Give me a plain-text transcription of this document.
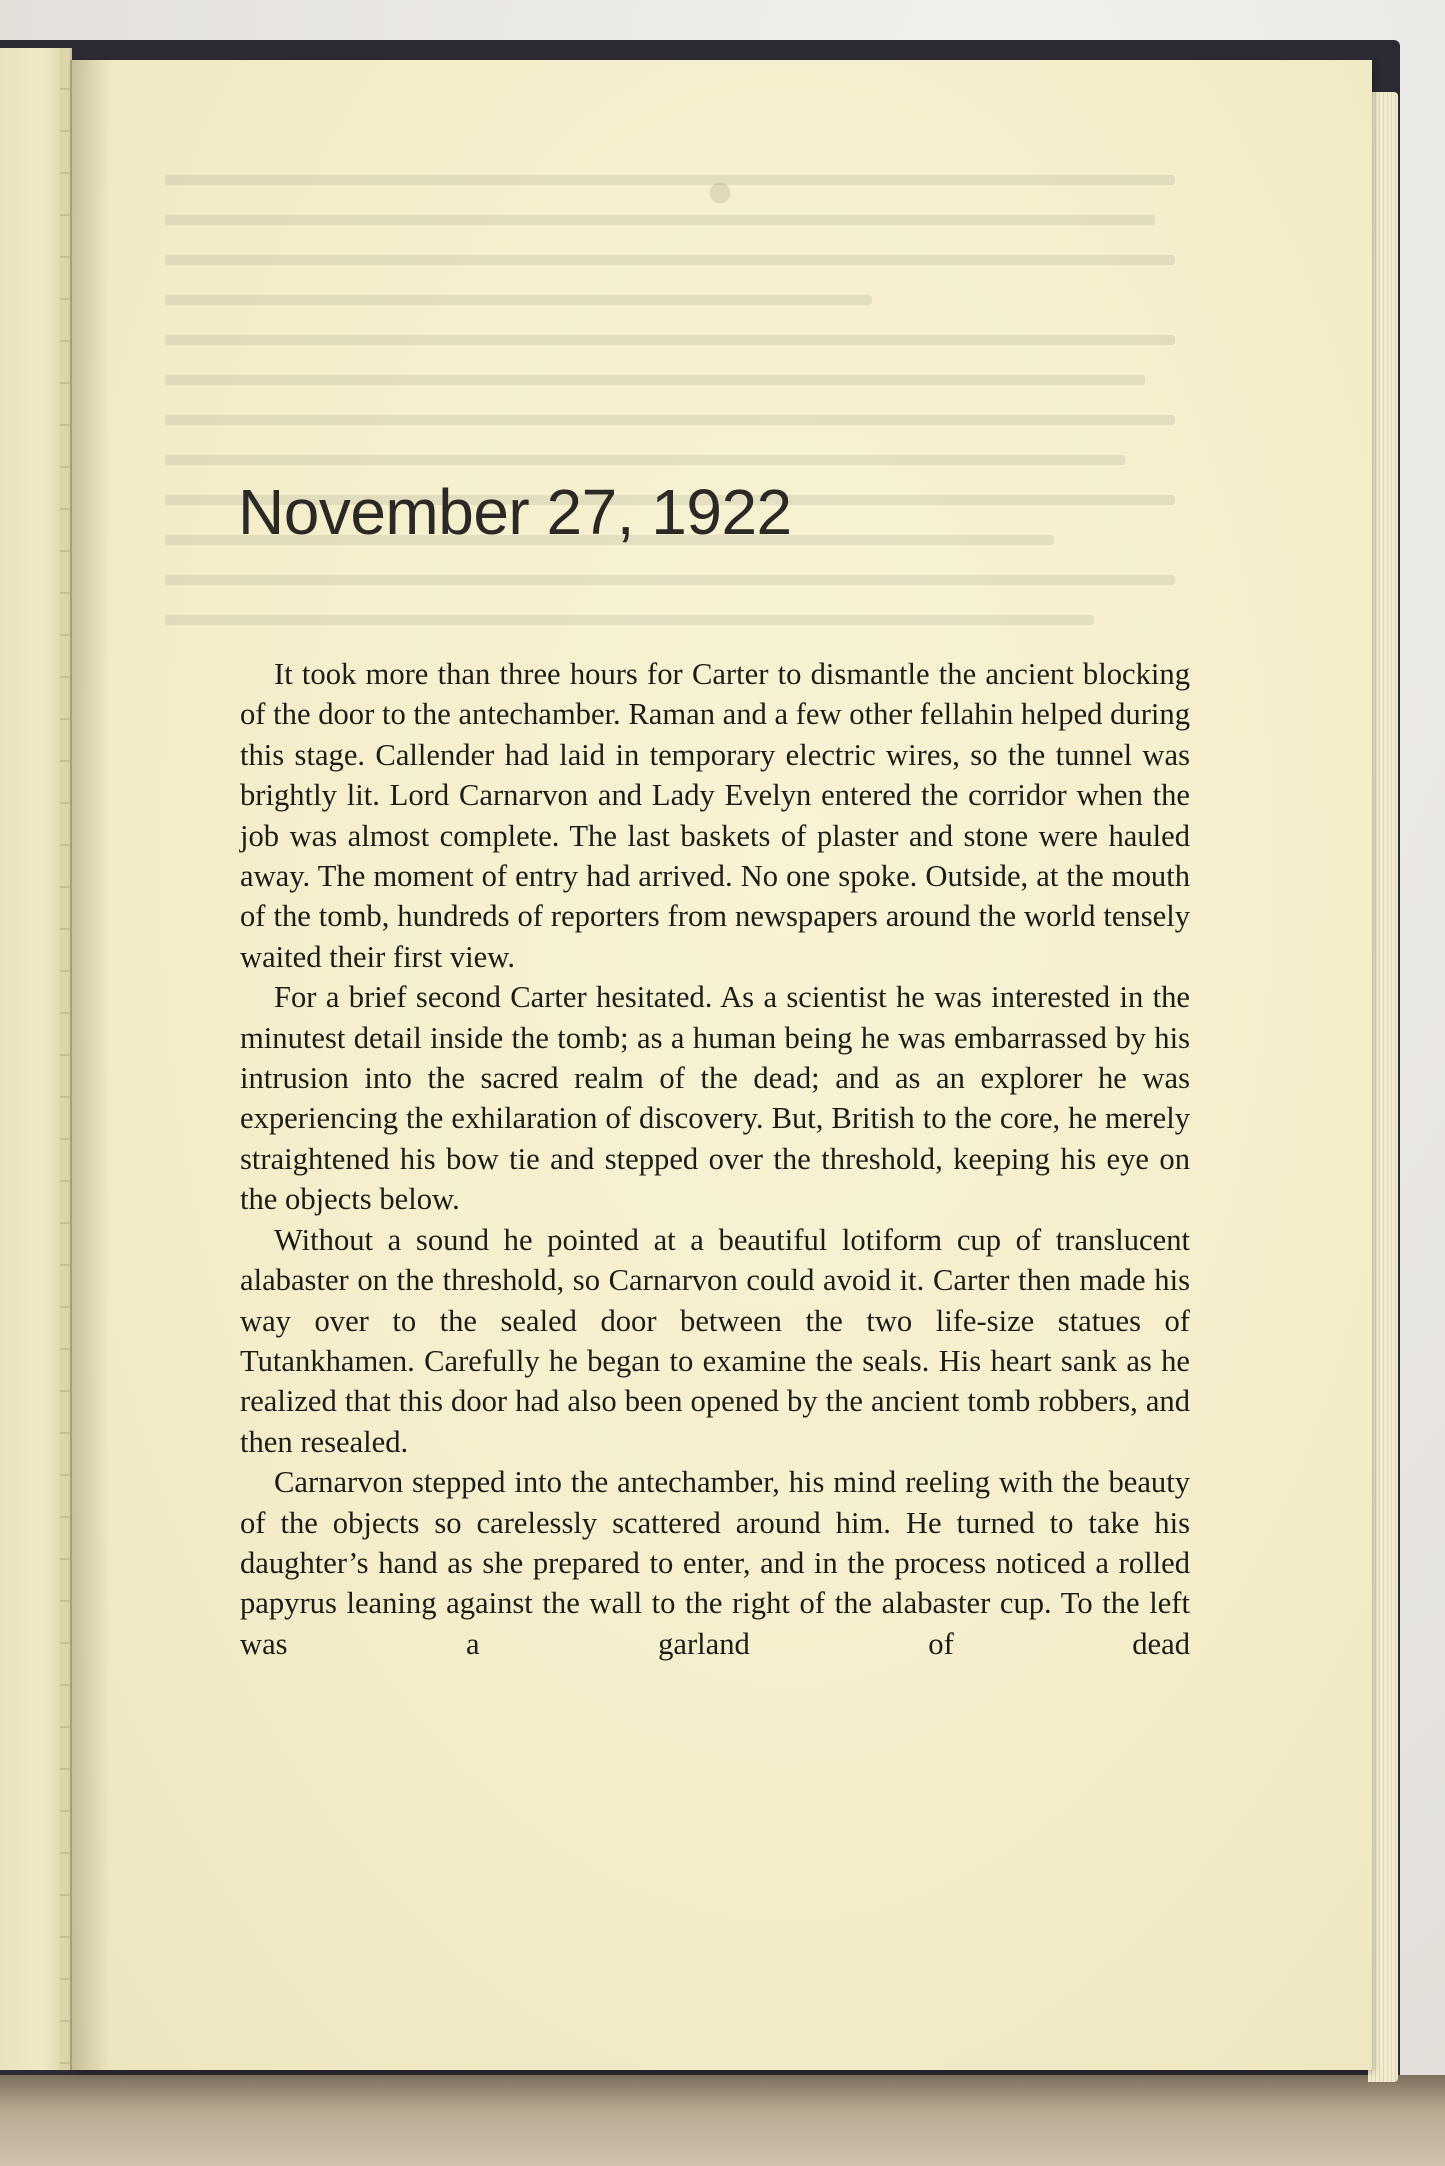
November 27, 1922

It took more than three hours for Carter to dismantle the ancient blocking of the door to the antechamber. Raman and a few other fellahin helped during this stage. Callender had laid in temporary electric wires, so the tunnel was brightly lit. Lord Carnarvon and Lady Evelyn entered the corridor when the job was almost complete. The last baskets of plaster and stone were hauled away. The moment of entry had arrived. No one spoke. Outside, at the mouth of the tomb, hundreds of reporters from newspapers around the world tensely waited their first view.

For a brief second Carter hesitated. As a scientist he was interested in the minutest detail inside the tomb; as a human being he was embarrassed by his intrusion into the sacred realm of the dead; and as an explorer he was experiencing the exhilaration of discovery. But, British to the core, he merely straightened his bow tie and stepped over the threshold, keeping his eye on the objects below.

Without a sound he pointed at a beautiful lotiform cup of translucent alabaster on the threshold, so Carnarvon could avoid it. Carter then made his way over to the sealed door between the two life-size statues of Tutankhamen. Carefully he began to examine the seals. His heart sank as he realized that this door had also been opened by the ancient tomb robbers, and then resealed.

Carnarvon stepped into the antechamber, his mind reeling with the beauty of the objects so carelessly scattered around him. He turned to take his daughter’s hand as she prepared to enter, and in the process noticed a rolled papyrus leaning against the wall to the right of the alabaster cup. To the left was a garland of dead
